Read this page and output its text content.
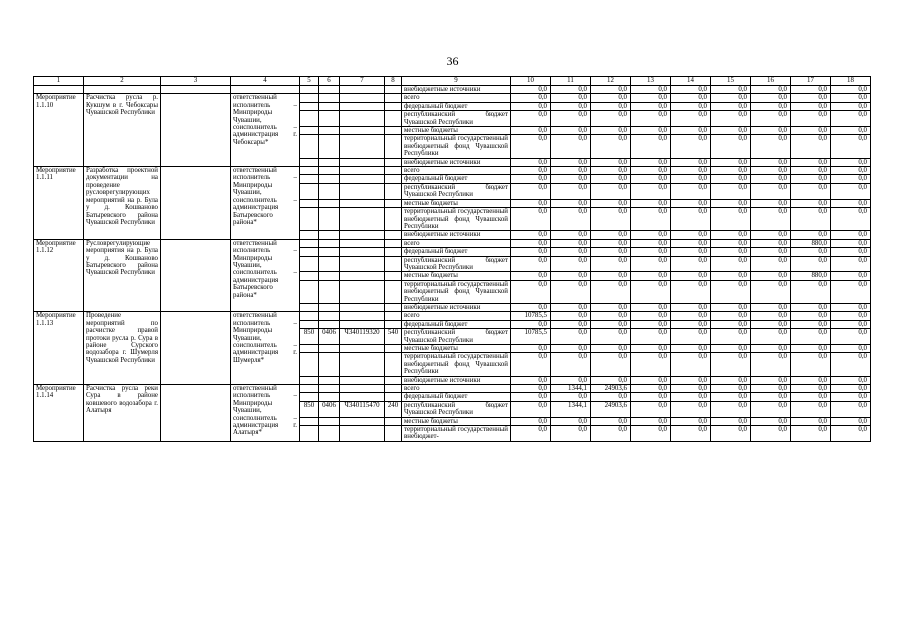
36
1	2	3	4	5	6	7	8	9	10	11	12	13	14	15	16	17	18
								внебюджетные источники	0,0	0,0	0,0	0,0	0,0	0,0	0,0	0,0	0,0
Мероприятие 1.1.10	Расчистка русла р. Кукшум в г. Чебоксары Чувашской Республики		ответственный исполнитель – Минприроды Чувашии, соисполнитель – администрация г. Чебоксары*					всего	0,0	0,0	0,0	0,0	0,0	0,0	0,0	0,0	0,0
								федеральный бюджет	0,0	0,0	0,0	0,0	0,0	0,0	0,0	0,0	0,0
								республиканский бюджет Чувашской Республики	0,0	0,0	0,0	0,0	0,0	0,0	0,0	0,0	0,0
								местные бюджеты	0,0	0,0	0,0	0,0	0,0	0,0	0,0	0,0	0,0
								территориальный государственный внебюджетный фонд Чувашской Республики	0,0	0,0	0,0	0,0	0,0	0,0	0,0	0,0	0,0
								внебюджетные источники	0,0	0,0	0,0	0,0	0,0	0,0	0,0	0,0	0,0
Мероприятие 1.1.11	Разработка проектной документации на проведение русловрегулирующих мероприятий на р. Була у д. Кошваново Батыревского района Чувашской Республики		ответственный исполнитель – Минприроды Чувашии, соисполнитель – администрация Батыревского района*					всего	0,0	0,0	0,0	0,0	0,0	0,0	0,0	0,0	0,0
								федеральный бюджет	0,0	0,0	0,0	0,0	0,0	0,0	0,0	0,0	0,0
								республиканский бюджет Чувашской Республики	0,0	0,0	0,0	0,0	0,0	0,0	0,0	0,0	0,0
								местные бюджеты	0,0	0,0	0,0	0,0	0,0	0,0	0,0	0,0	0,0
								территориальный государственный внебюджетный фонд Чувашской Республики	0,0	0,0	0,0	0,0	0,0	0,0	0,0	0,0	0,0
								внебюджетные источники	0,0	0,0	0,0	0,0	0,0	0,0	0,0	0,0	0,0
Мероприятие 1.1.12	Русловрегулирующие мероприятия на р. Була у д. Кошваново Батыревского района Чувашской Республики		ответственный исполнитель – Минприроды Чувашии, соисполнитель – администрация Батыревского района*					всего	0,0	0,0	0,0	0,0	0,0	0,0	0,0	880,0	0,0
								федеральный бюджет	0,0	0,0	0,0	0,0	0,0	0,0	0,0	0,0	0,0
								республиканский бюджет Чувашской Республики	0,0	0,0	0,0	0,0	0,0	0,0	0,0	0,0	0,0
								местные бюджеты	0,0	0,0	0,0	0,0	0,0	0,0	0,0	880,0	0,0
								территориальный государственный внебюджетный фонд Чувашской Республики	0,0	0,0	0,0	0,0	0,0	0,0	0,0	0,0	0,0
								внебюджетные источники	0,0	0,0	0,0	0,0	0,0	0,0	0,0	0,0	0,0
Мероприятие 1.1.13	Проведение мероприятий по расчистке правой протоки русла р. Сура в районе Сурского водозабора г. Шумерля Чувашской Республики		ответственный исполнитель – Минприроды Чувашии, соисполнитель – администрация г. Шумерля*					всего	10785,5	0,0	0,0	0,0	0,0	0,0	0,0	0,0	0,0
								федеральный бюджет	0,0	0,0	0,0	0,0	0,0	0,0	0,0	0,0	0,0
				850	0406	Ч340119320	540	республиканский бюджет Чувашской Республики	10785,5	0,0	0,0	0,0	0,0	0,0	0,0	0,0	0,0
								местные бюджеты	0,0	0,0	0,0	0,0	0,0	0,0	0,0	0,0	0,0
								территориальный государственный внебюджетный фонд Чувашской Республики	0,0	0,0	0,0	0,0	0,0	0,0	0,0	0,0	0,0
								внебюджетные источники	0,0	0,0	0,0	0,0	0,0	0,0	0,0	0,0	0,0
Мероприятие 1.1.14	Расчистка русла реки Сура в районе ковшевого водозабора г. Алатыря		ответственный исполнитель – Минприроды Чувашии, соисполнитель – администрация г. Алатыря*					всего	0,0	1344,1	24903,6	0,0	0,0	0,0	0,0	0,0	0,0
								федеральный бюджет	0,0	0,0	0,0	0,0	0,0	0,0	0,0	0,0	0,0
				850	0406	Ч340115470	240	республиканский бюджет Чувашской Республики	0,0	1344,1	24903,6	0,0	0,0	0,0	0,0	0,0	0,0
								местные бюджеты	0,0	0,0	0,0	0,0	0,0	0,0	0,0	0,0	0,0
								территориальный государственный внебюджет-	0,0	0,0	0,0	0,0	0,0	0,0	0,0	0,0	0,0
